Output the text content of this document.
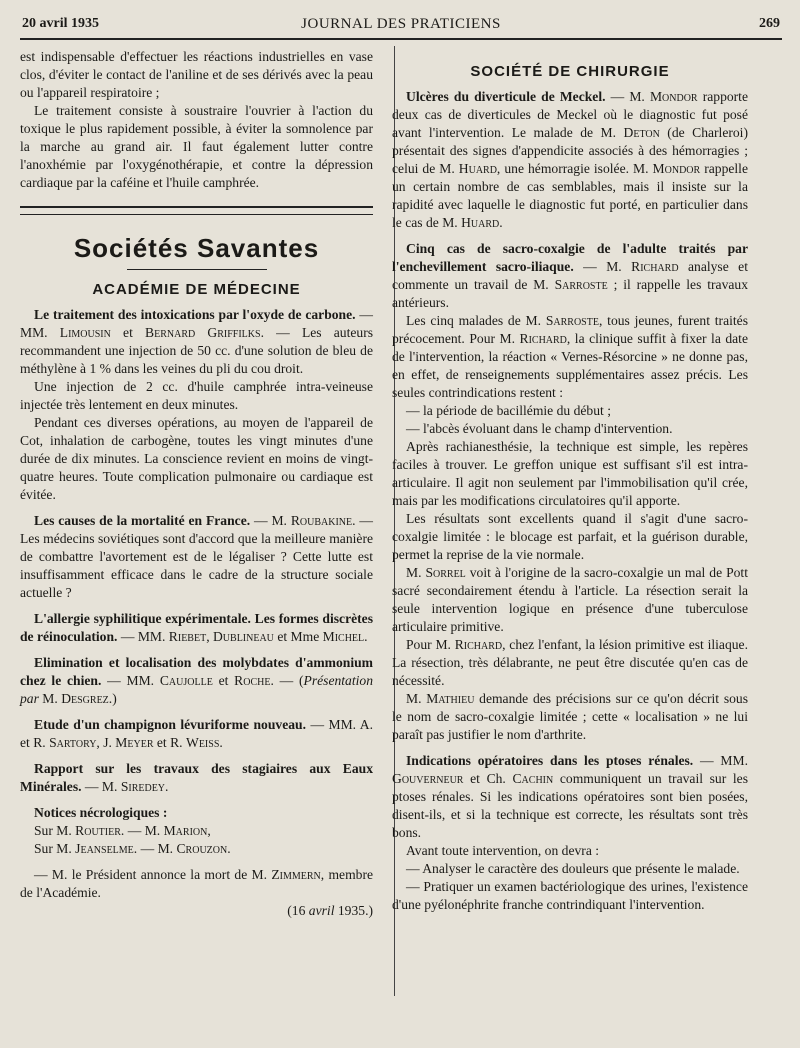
20 avril 1935	JOURNAL DES PRATICIENS	269

est indispensable d'effectuer les réactions industrielles en vase clos, d'éviter le contact de l'aniline et de ses dérivés avec la peau ou l'appareil respiratoire ;

Le traitement consiste à soustraire l'ouvrier à l'action du toxique le plus rapidement possible, à éviter la somnolence par la marche au grand air. Il faut également lutter contre l'anoxhémie par l'oxygénothérapie, et contre la dépression cardiaque par la caféine et l'huile camphrée.

Sociétés Savantes
ACADÉMIE DE MÉDECINE

Le traitement des intoxications par l'oxyde de carbone. — MM. Limousin et Bernard Griffilks. — Les auteurs recommandent une injection de 50 cc. d'une solution de bleu de méthylène à 1 % dans les veines du pli du cou droit.

Une injection de 2 cc. d'huile camphrée intra-veineuse injectée très lentement en deux minutes.

Pendant ces diverses opérations, au moyen de l'appareil de Cot, inhalation de carbogène, toutes les vingt minutes d'une durée de dix minutes. La conscience revient en moins de vingt-quatre heures. Toute complication pulmonaire ou cardiaque est évitée.

Les causes de la mortalité en France. — M. Roubakine. — Les médecins soviétiques sont d'accord que la meilleure manière de combattre l'avortement est de le légaliser ? Cette lutte est insuffisamment efficace dans le cadre de la structure sociale actuelle ?

L'allergie syphilitique expérimentale. Les formes discrètes de réinoculation. — MM. Riebet, Dublineau et Mme Michel.

Elimination et localisation des molybdates d'ammonium chez le chien. — MM. Caujolle et Roche. — (Présentation par M. Desgrez.)

Etude d'un champignon lévuriforme nouveau. — MM. A. et R. Sartory, J. Meyer et R. Weiss.

Rapport sur les travaux des stagiaires aux Eaux Minérales. — M. Siredey.

Notices nécrologiques :

Sur M. Routier. — M. Marion,

Sur M. Jeanselme. — M. Crouzon.

— M. le Président annonce la mort de M. Zimmern, membre de l'Académie.

(16 avril 1935.)

SOCIÉTÉ DE CHIRURGIE

Ulcères du diverticule de Meckel. — M. Mondor rapporte deux cas de diverticules de Meckel où le diagnostic fut posé avant l'intervention. Le malade de M. Deton (de Charleroi) présentait des signes d'appendicite associés à des hémorragies ; celui de M. Huard, une hémorragie isolée. M. Mondor rappelle un certain nombre de cas semblables, mais il insiste sur la rapidité avec laquelle le diagnostic fut porté, en particulier dans le cas de M. Huard.

Cinq cas de sacro-coxalgie de l'adulte traités par l'enchevillement sacro-iliaque. — M. Richard analyse et commente un travail de M. Sarroste ; il rappelle les travaux antérieurs.

Les cinq malades de M. Sarroste, tous jeunes, furent traités précocement. Pour M. Richard, la clinique suffit à fixer la date de l'intervention, la réaction « Vernes-Résorcine » ne donne pas, en effet, de renseignements supplémentaires assez précis. Les seules contrindications restent :

— la période de bacillémie du début ;

— l'abcès évoluant dans le champ d'intervention.

Après rachianesthésie, la technique est simple, les repères faciles à trouver. Le greffon unique est suffisant s'il est intra-articulaire. Il agit non seulement par l'immobilisation qu'il crée, mais par les modifications circulatoires qu'il apporte.

Les résultats sont excellents quand il s'agit d'une sacro-coxalgie limitée : le blocage est parfait, et la guérison durable, permet la reprise de la vie normale.

M. Sorrel voit à l'origine de la sacro-coxalgie un mal de Pott sacré secondairement étendu à l'article. La résection serait la seule intervention logique en présence d'une tuberculose articulaire primitive.

Pour M. Richard, chez l'enfant, la lésion primitive est iliaque. La résection, très délabrante, ne peut être discutée qu'en cas de nécessité.

M. Mathieu demande des précisions sur ce qu'on décrit sous le nom de sacro-coxalgie limitée ; cette « localisation » ne lui paraît pas justifier le nom d'arthrite.

Indications opératoires dans les ptoses rénales. — MM. Gouverneur et Ch. Cachin communiquent un travail sur les ptoses rénales. Si les indications opératoires sont bien posées, disent-ils, et si la technique est correcte, les résultats sont très bons.

Avant toute intervention, on devra :

— Analyser le caractère des douleurs que présente le malade.

— Pratiquer un examen bactériologique des urines, l'existence d'une pyélonéphrite franche contrindiquant l'intervention.
